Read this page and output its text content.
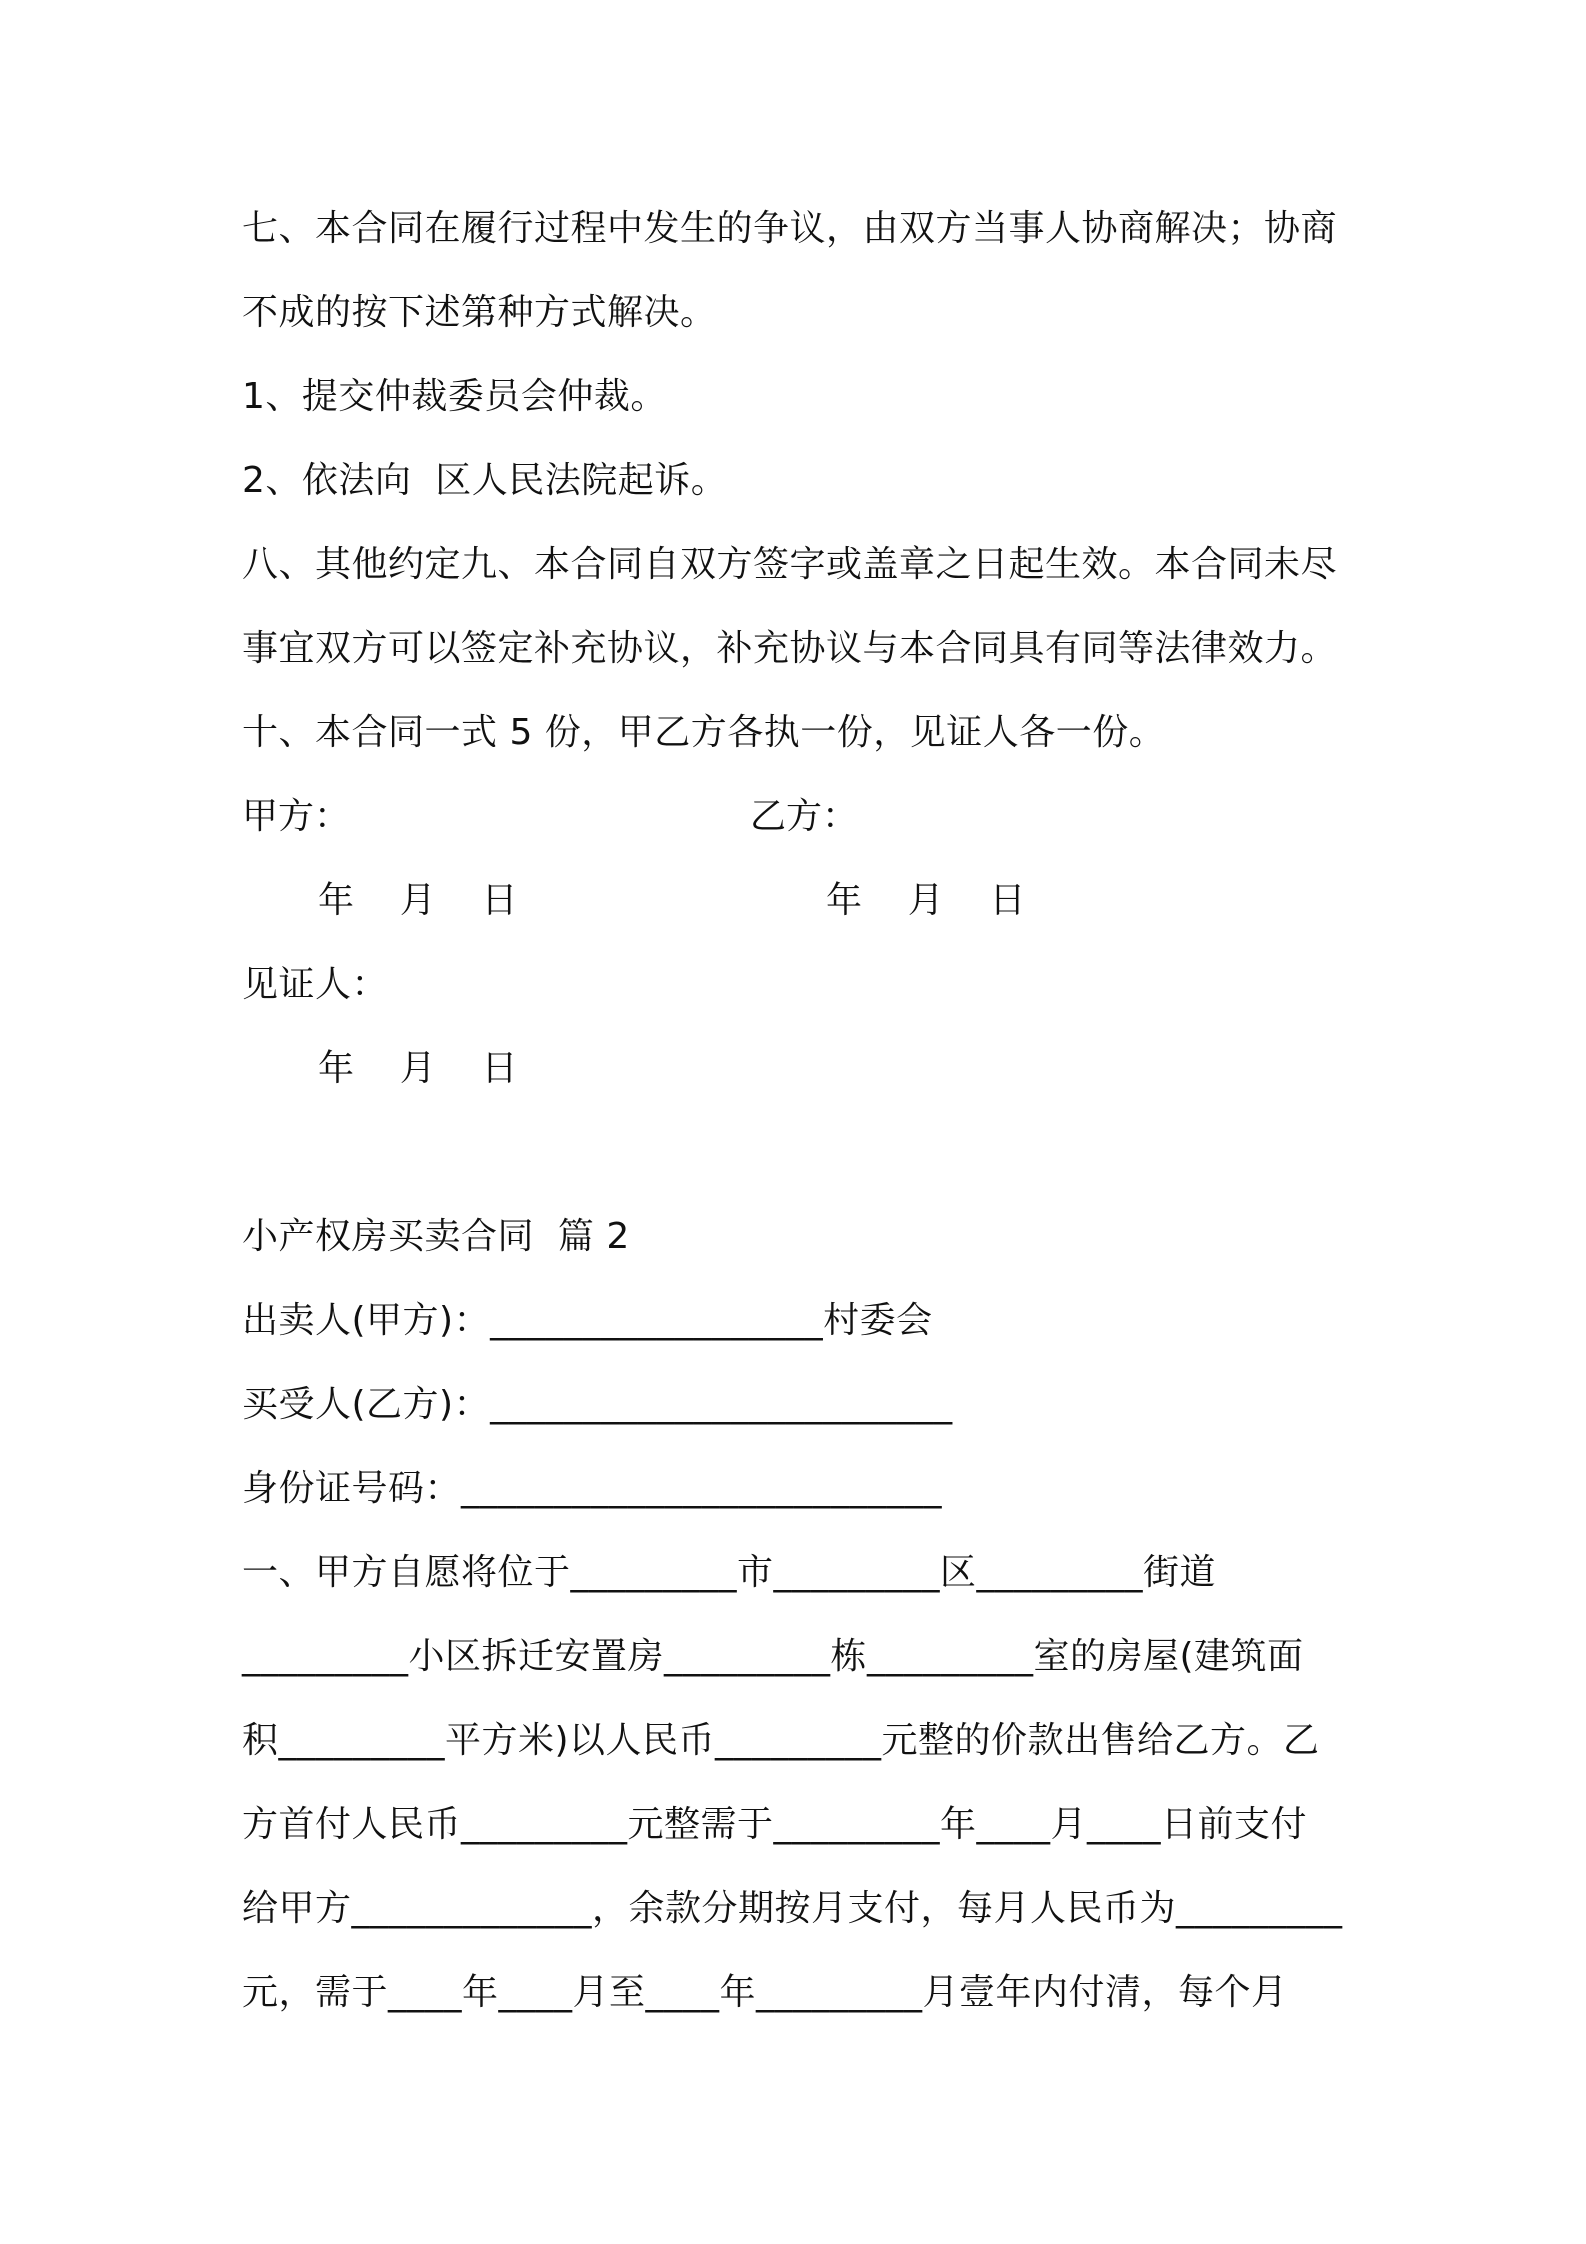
七、本合同在履行过程中发生的争议，由双方当事人协商解决；协商
不成的按下述第种方式解决。
1、提交仲裁委员会仲裁。
2、依法向  区人民法院起诉。
八、其他约定九、本合同自双方签字或盖章之日起生效。本合同未尽
事宜双方可以签定补充协议，补充协议与本合同具有同等法律效力。
十、本合同一式 5 份，甲乙方各执一份，见证人各一份。
甲方：	乙方：
年    月    日	年    月    日
见证人：
年    月    日
小产权房买卖合同  篇 2
出卖人(甲方)：__________________村委会
买受人(乙方)：_________________________
身份证号码：__________________________
一、甲方自愿将位于_________市_________区_________街道
_________小区拆迁安置房_________栋_________室的房屋(建筑面
积_________平方米)以人民币_________元整的价款出售给乙方。乙
方首付人民币_________元整需于_________年____月____日前支付
给甲方_____________，余款分期按月支付，每月人民币为_________
元，需于____年____月至____年_________月壹年内付清，每个月
